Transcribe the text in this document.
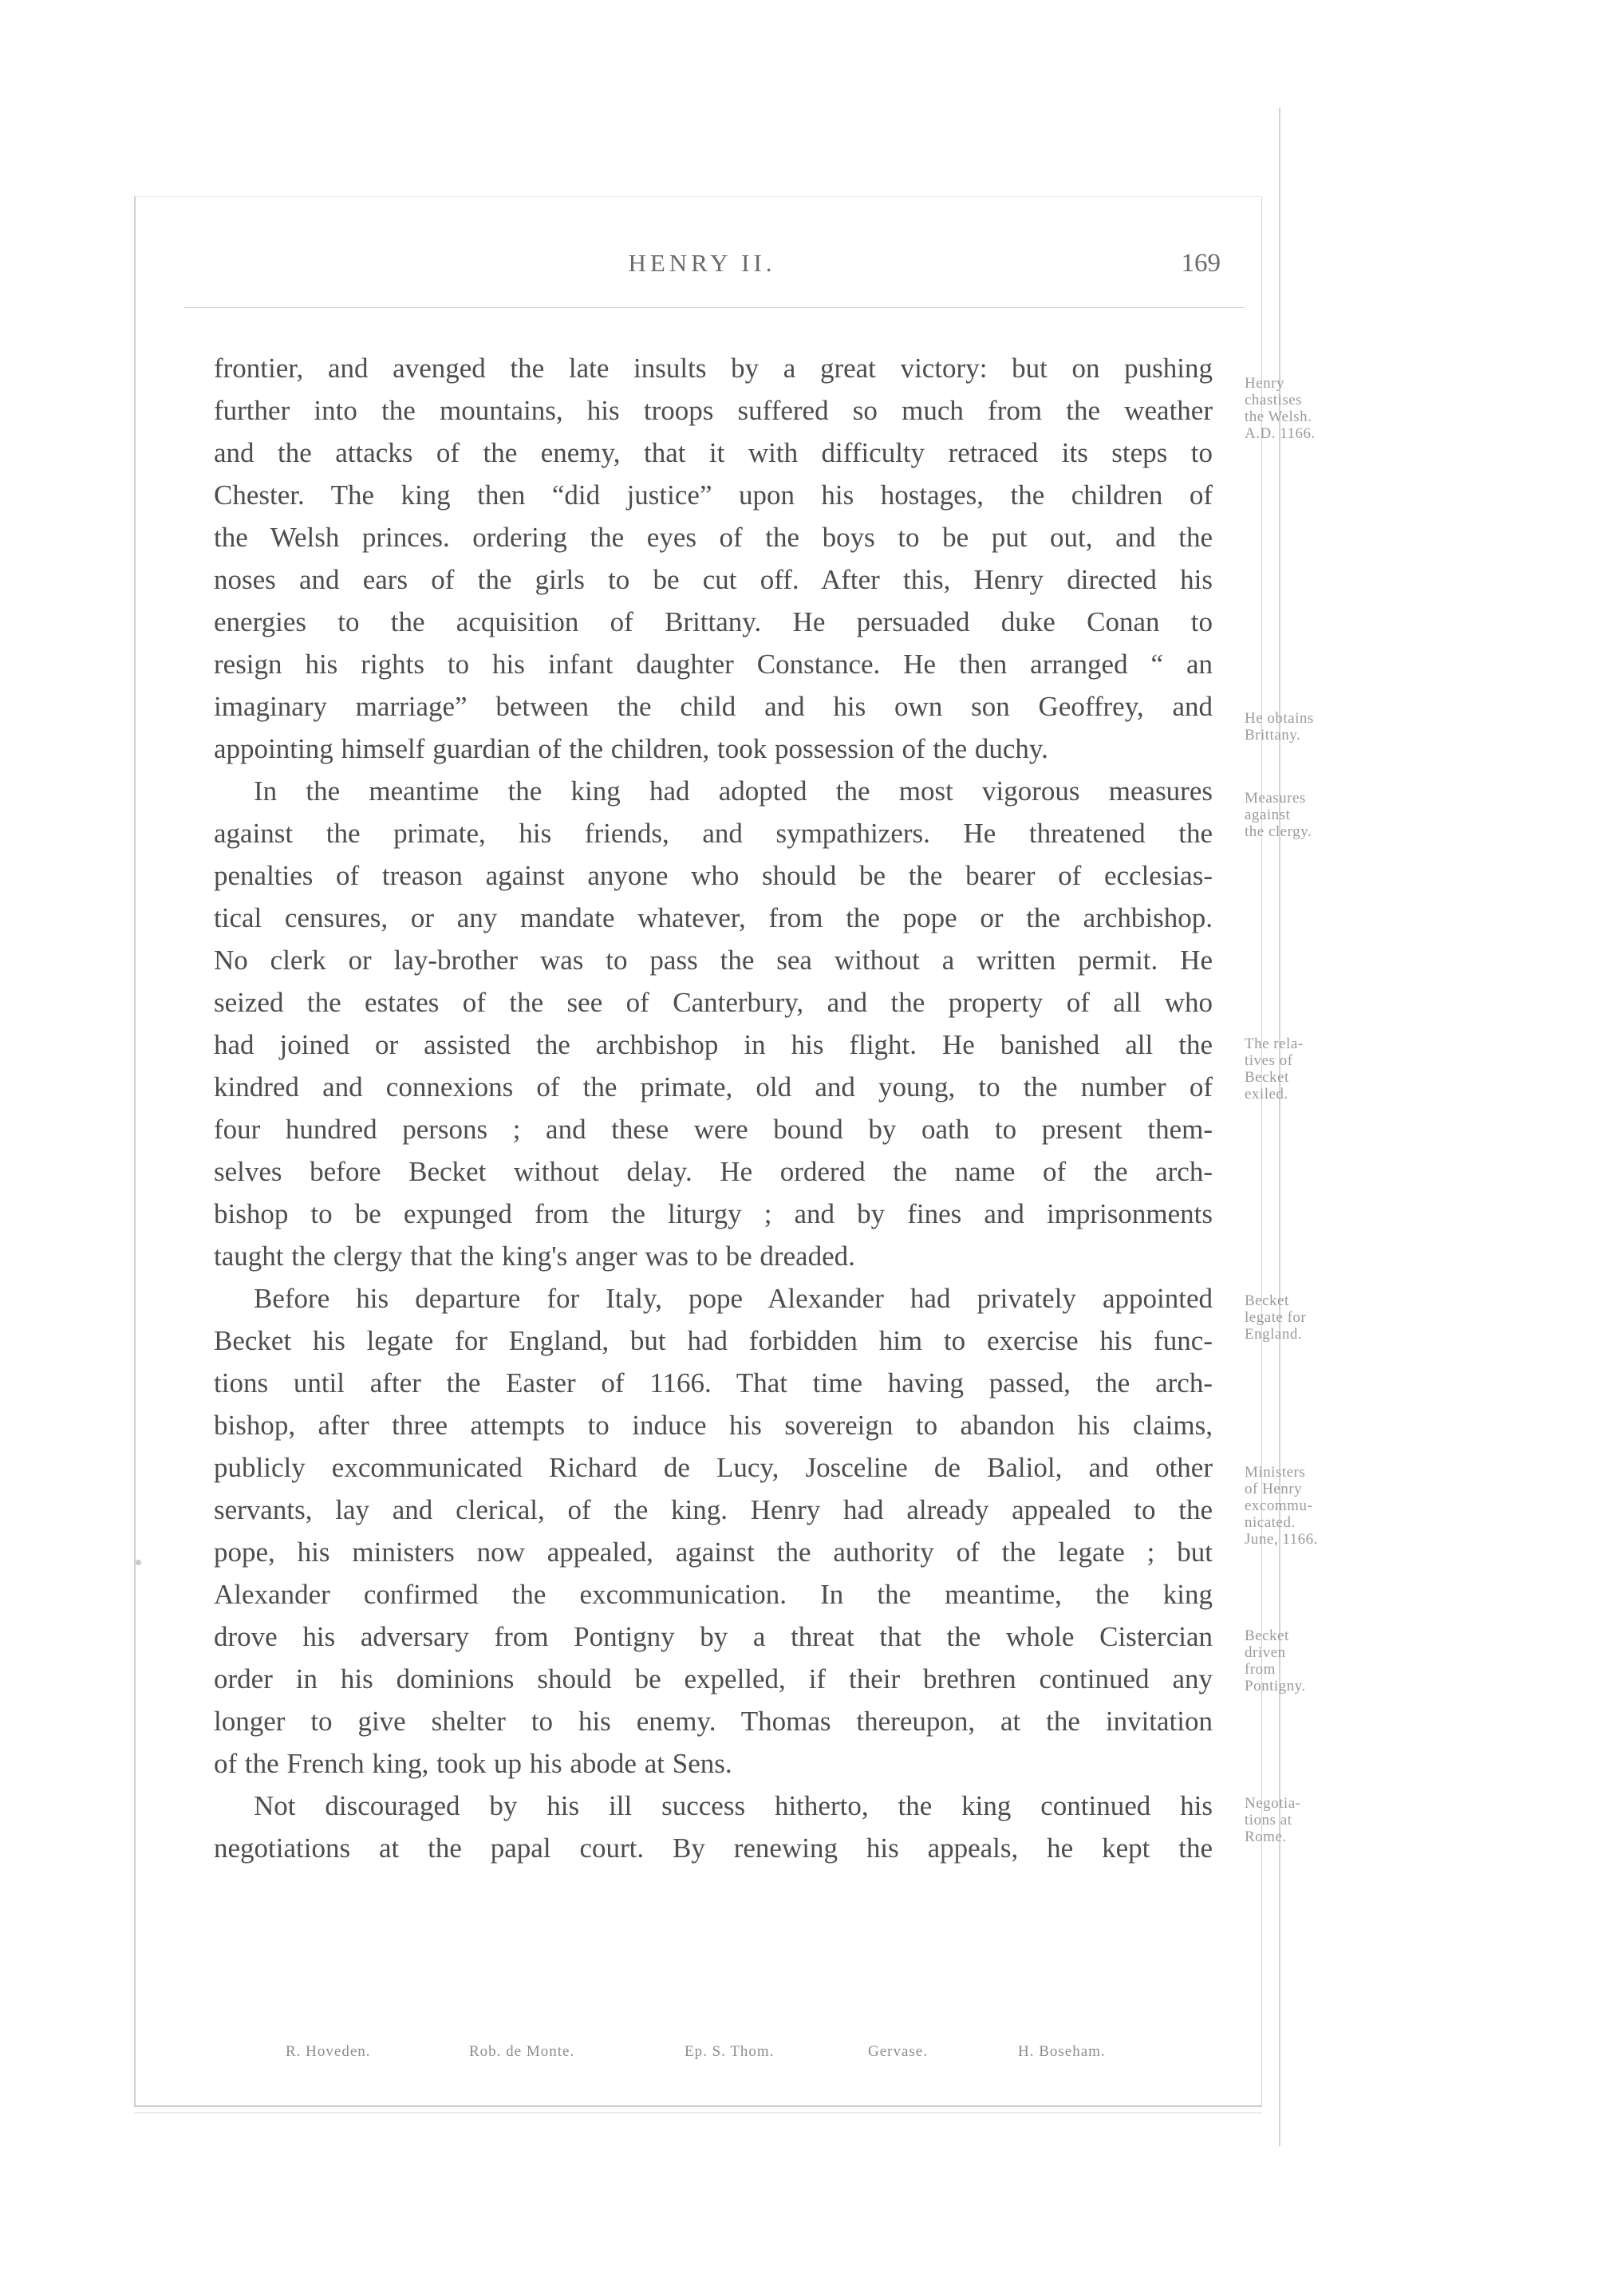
HENRY II.	169

frontier, and avenged the late insults by a great victory: but on pushing

further into the mountains, his troops suffered so much from the weather

and the attacks of the enemy, that it with difficulty retraced its steps to

Chester. The king then “did justice” upon his hostages, the children of

the Welsh princes. ordering the eyes of the boys to be put out, and the

noses and ears of the girls to be cut off. After this, Henry directed his

energies to the acquisition of Brittany. He persuaded duke Conan to

resign his rights to his infant daughter Constance. He then arranged “ an

imaginary marriage” between the child and his own son Geoffrey, and

appointing himself guardian of the children, took possession of the duchy.

In the meantime the king had adopted the most vigorous measures

against the primate, his friends, and sympathizers. He threatened the

penalties of treason against anyone who should be the bearer of ecclesias-

tical censures, or any mandate whatever, from the pope or the archbishop.

No clerk or lay-brother was to pass the sea without a written permit. He

seized the estates of the see of Canterbury, and the property of all who

had joined or assisted the archbishop in his flight. He banished all the

kindred and connexions of the primate, old and young, to the number of

four hundred persons ; and these were bound by oath to present them-

selves before Becket without delay. He ordered the name of the arch-

bishop to be expunged from the liturgy ; and by fines and imprisonments

taught the clergy that the king's anger was to be dreaded.

Before his departure for Italy, pope Alexander had privately appointed

Becket his legate for England, but had forbidden him to exercise his func-

tions until after the Easter of 1166. That time having passed, the arch-

bishop, after three attempts to induce his sovereign to abandon his claims,

publicly excommunicated Richard de Lucy, Josceline de Baliol, and other

servants, lay and clerical, of the king. Henry had already appealed to the

pope, his ministers now appealed, against the authority of the legate ; but

Alexander confirmed the excommunication. In the meantime, the king

drove his adversary from Pontigny by a threat that the whole Cistercian

order in his dominions should be expelled, if their brethren continued any

longer to give shelter to his enemy. Thomas thereupon, at the invitation

of the French king, took up his abode at Sens.

Not discouraged by his ill success hitherto, the king continued his

negotiations at the papal court. By renewing his appeals, he kept the

Henry
chastises
the Welsh.
A.D. 1166.
He obtains
Brittany.
Measures
against
the clergy.
The rela-
tives of
Becket
exiled.
Becket
legate for
England.
Ministers
of Henry
excommu-
nicated.
June, 1166.
Becket
driven
from
Pontigny.
Negotia-
tions at
Rome.
R. Hoveden.	Rob. de Monte.	Ep. S. Thom.	Gervase.	H. Boseham.
